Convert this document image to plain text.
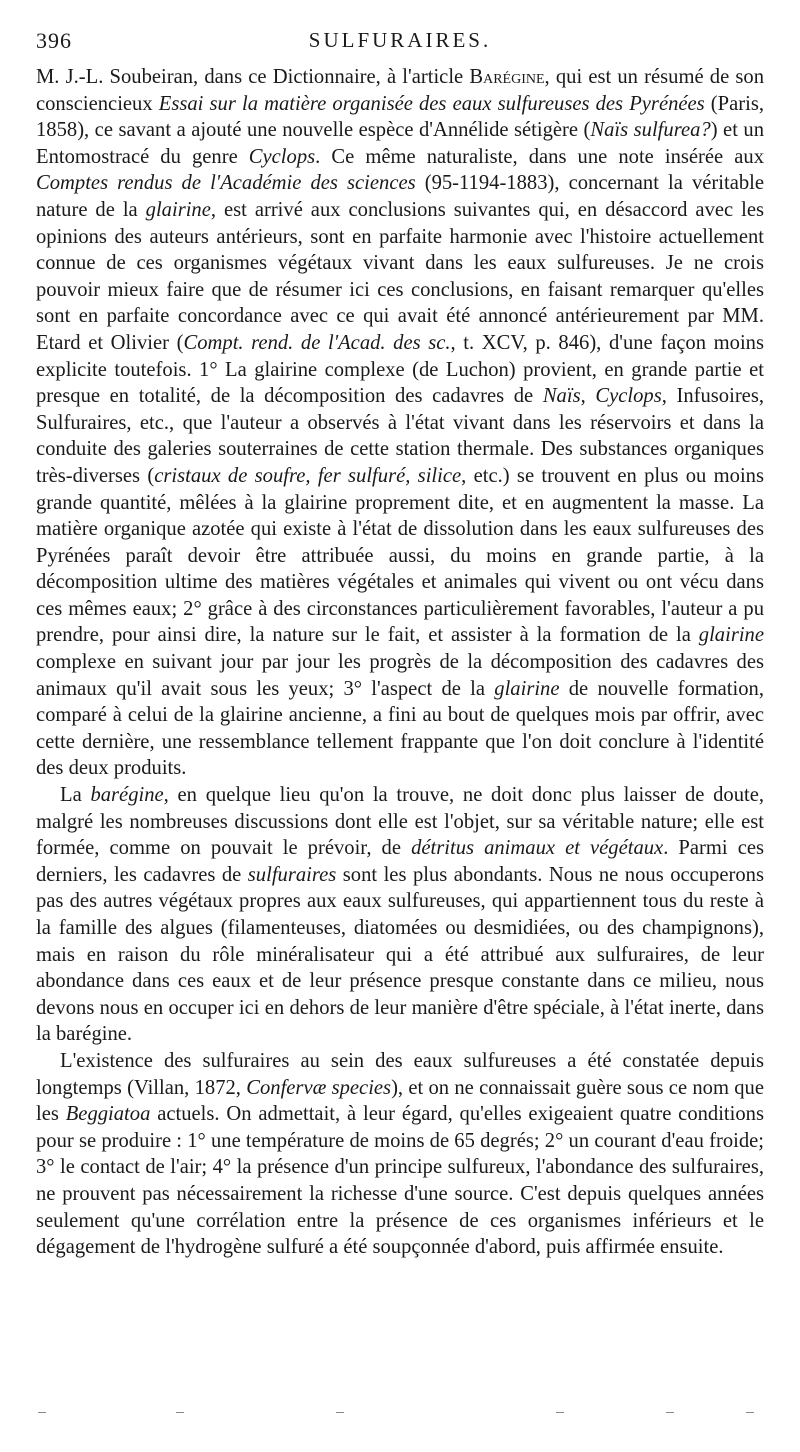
396	SULFURAIRES.

M. J.-L. Soubeiran, dans ce Dictionnaire, à l'article Barégine, qui est un résumé de son consciencieux Essai sur la matière organisée des eaux sulfureuses des Pyrénées (Paris, 1858), ce savant a ajouté une nouvelle espèce d'Annélide sétigère (Naïs sulfurea?) et un Entomostracé du genre Cyclops. Ce même naturaliste, dans une note insérée aux Comptes rendus de l'Académie des sciences (95-1194-1883), concernant la véritable nature de la glairine, est arrivé aux conclusions suivantes qui, en désaccord avec les opinions des auteurs antérieurs, sont en parfaite harmonie avec l'histoire actuellement connue de ces organismes végétaux vivant dans les eaux sulfureuses. Je ne crois pouvoir mieux faire que de résumer ici ces conclusions, en faisant remarquer qu'elles sont en parfaite concordance avec ce qui avait été annoncé antérieurement par MM. Etard et Olivier (Compt. rend. de l'Acad. des sc., t. XCV, p. 846), d'une façon moins explicite toutefois. 1° La glairine complexe (de Luchon) provient, en grande partie et presque en totalité, de la décomposition des cadavres de Naïs, Cyclops, Infusoires, Sulfuraires, etc., que l'auteur a observés à l'état vivant dans les réservoirs et dans la conduite des galeries souterraines de cette station thermale. Des substances organiques très-diverses (cristaux de soufre, fer sulfuré, silice, etc.) se trouvent en plus ou moins grande quantité, mêlées à la glairine proprement dite, et en augmentent la masse. La matière organique azotée qui existe à l'état de dissolution dans les eaux sulfureuses des Pyrénées paraît devoir être attribuée aussi, du moins en grande partie, à la décomposition ultime des matières végétales et animales qui vivent ou ont vécu dans ces mêmes eaux; 2° grâce à des circonstances particulièrement favorables, l'auteur a pu prendre, pour ainsi dire, la nature sur le fait, et assister à la formation de la glairine complexe en suivant jour par jour les progrès de la décomposition des cadavres des animaux qu'il avait sous les yeux; 3° l'aspect de la glairine de nouvelle formation, comparé à celui de la glairine ancienne, a fini au bout de quelques mois par offrir, avec cette dernière, une ressemblance tellement frappante que l'on doit conclure à l'identité des deux produits.

La barégine, en quelque lieu qu'on la trouve, ne doit donc plus laisser de doute, malgré les nombreuses discussions dont elle est l'objet, sur sa véritable nature; elle est formée, comme on pouvait le prévoir, de détritus animaux et végétaux. Parmi ces derniers, les cadavres de sulfuraires sont les plus abondants. Nous ne nous occuperons pas des autres végétaux propres aux eaux sulfureuses, qui appartiennent tous du reste à la famille des algues (filamenteuses, diatomées ou desmidiées, ou des champignons), mais en raison du rôle minéralisateur qui a été attribué aux sulfuraires, de leur abondance dans ces eaux et de leur présence presque constante dans ce milieu, nous devons nous en occuper ici en dehors de leur manière d'être spéciale, à l'état inerte, dans la barégine.

L'existence des sulfuraires au sein des eaux sulfureuses a été constatée depuis longtemps (Villan, 1872, Confervæ species), et on ne connaissait guère sous ce nom que les Beggiatoa actuels. On admettait, à leur égard, qu'elles exigeaient quatre conditions pour se produire : 1° une température de moins de 65 degrés; 2° un courant d'eau froide; 3° le contact de l'air; 4° la présence d'un principe sulfureux, l'abondance des sulfuraires, ne prouvent pas nécessairement la richesse d'une source. C'est depuis quelques années seulement qu'une corrélation entre la présence de ces organismes inférieurs et le dégagement de l'hydrogène sulfuré a été soupçonnée d'abord, puis affirmée ensuite.
